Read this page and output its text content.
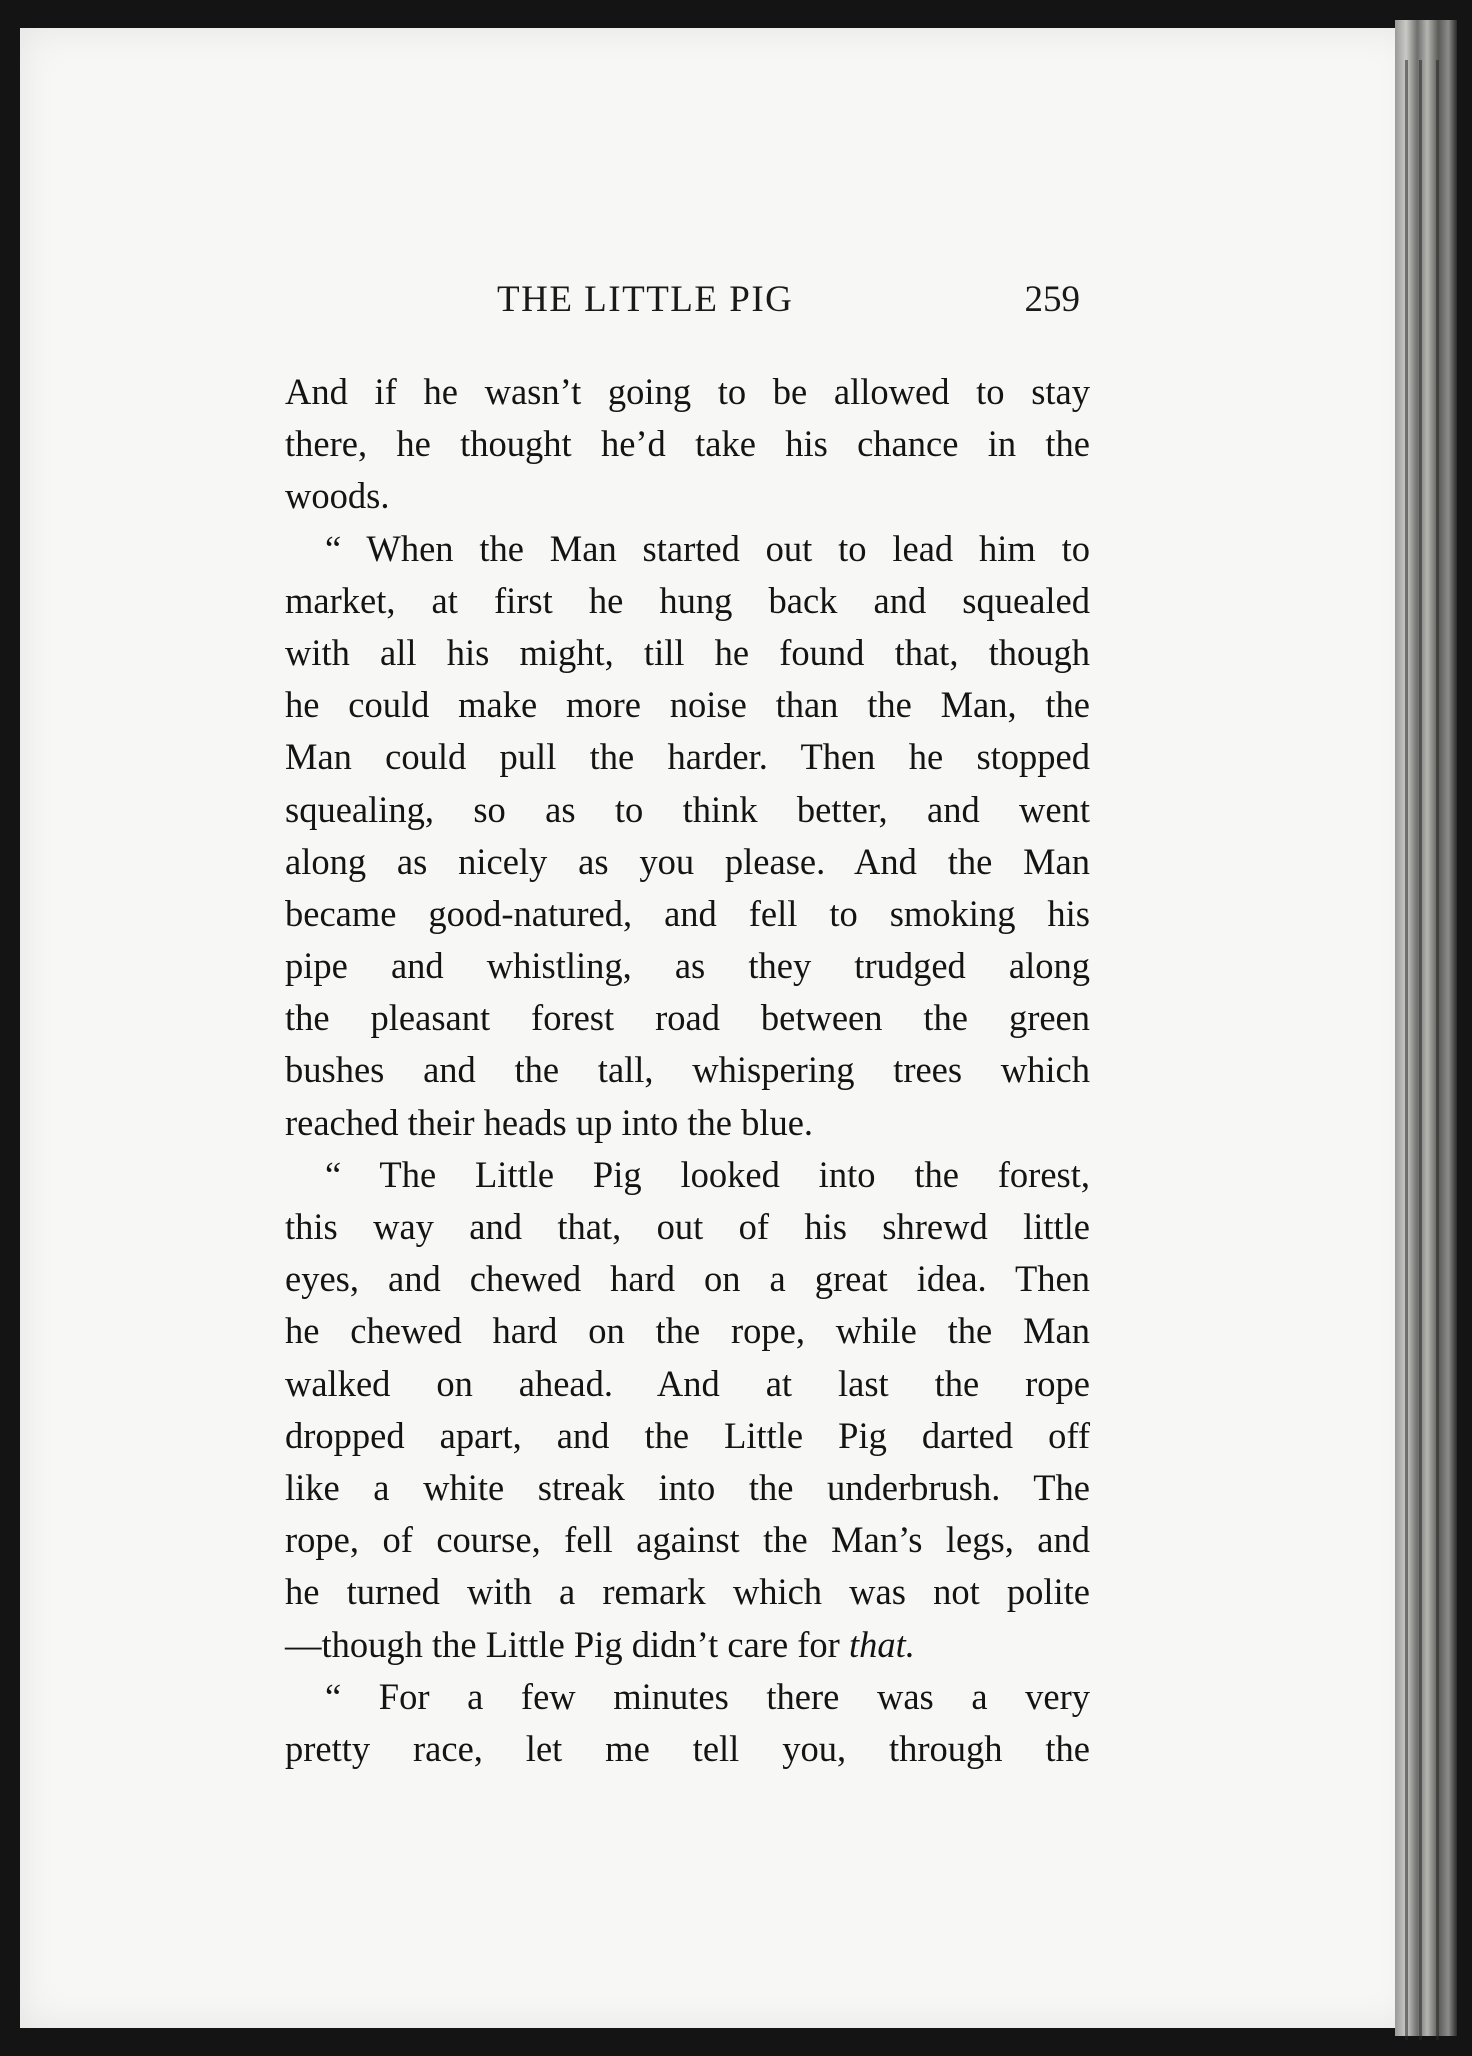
THE LITTLE PIG	259
And if he wasn’t going to be allowed to stay
there, he thought he’d take his chance in the
woods.
“ When the Man started out to lead him to
market, at first he hung back and squealed
with all his might, till he found that, though
he could make more noise than the Man, the
Man could pull the harder. Then he stopped
squealing, so as to think better, and went
along as nicely as you please. And the Man
became good-natured, and fell to smoking his
pipe and whistling, as they trudged along
the pleasant forest road between the green
bushes and the tall, whispering trees which
reached their heads up into the blue.
“ The Little Pig looked into the forest,
this way and that, out of his shrewd little
eyes, and chewed hard on a great idea. Then
he chewed hard on the rope, while the Man
walked on ahead. And at last the rope
dropped apart, and the Little Pig darted off
like a white streak into the underbrush. The
rope, of course, fell against the Man’s legs, and
he turned with a remark which was not polite
—though the Little Pig didn’t care for that.
“ For a few minutes there was a very
pretty race, let me tell you, through the
